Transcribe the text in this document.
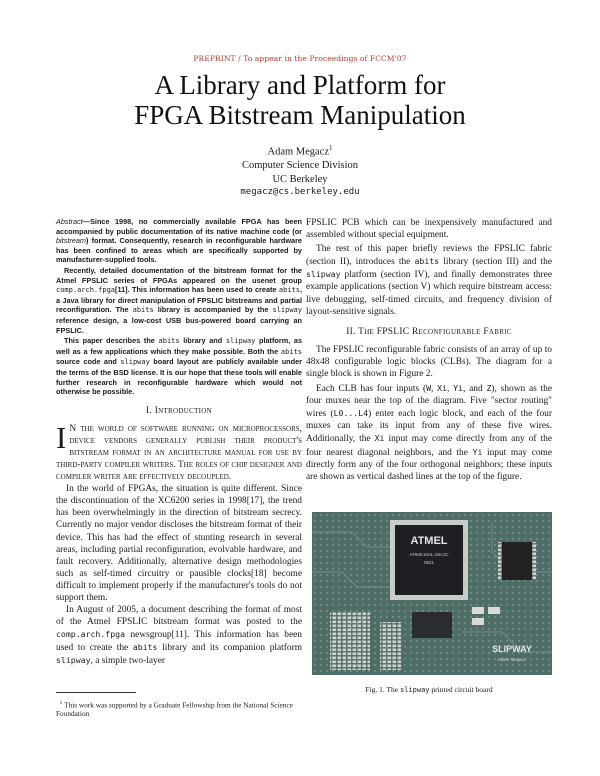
PREPRINT / To appear in the Proceedings of FCCM'07
A Library and Platform for
FPGA Bitstream Manipulation
Adam Megacz$^1$
Computer Science Division
UC Berkeley
megacz@cs.berkeley.edu

Abstract—Since 1998, no commercially available FPGA has been accompanied by public documentation of its native machine code (or bitstream) format. Consequently, research in reconfigurable hardware has been confined to areas which are specifically supported by manufacturer-supplied tools.

Recently, detailed documentation of the bitstream format for the Atmel FPSLIC series of FPGAs appeared on the usenet group comp.arch.fpga[11]. This information has been used to create abits, a Java library for direct manipulation of FPSLIC bitstreams and partial reconfiguration. The abits library is accompanied by the slipway reference design, a low-cost USB bus-powered board carrying an FPSLIC.

This paper describes the abits library and slipway platform, as well as a few applications which they make possible. Both the abits source code and slipway board layout are publicly available under the terms of the BSD license. It is our hope that these tools will enable further research in reconfigurable hardware which would not otherwise be possible.

I. Introduction

I N the world of software running on microprocessors, device vendors generally publish their product's bitstream format in an architecture manual for use by third-party compiler writers. The roles of chip designer and compiler writer are effectively decoupled.

In the world of FPGAs, the situation is quite different. Since the discontinuation of the XC6200 series in 1998[17], the trend has been overwhelmingly in the direction of bitstream secrecy. Currently no major vendor discloses the bitstream format of their device. This has had the effect of stunting research in several areas, including partial reconfiguration, evolvable hardware, and fault recovery. Additionally, alternative design methodologies such as self-timed circuitry or pausible clocks[18] become difficult to implement properly if the manufacturer's tools do not support them.

In August of 2005, a document describing the format of most of the Atmel FPSLIC bitstream format was posted to the comp.arch.fpga newsgroup[11]. This information has been used to create the abits library and its companion platform slipway, a simple two-layer

$^1$ This work was supported by a Graduate Fellowship from the National Science Foundation

FPSLIC PCB which can be inexpensively manufactured and assembled without special equipment.

The rest of this paper briefly reviews the FPSLIC fabric (section II), introduces the abits library (section III) and the slipway platform (section IV), and finally demonstrates three example applications (section V) which require bitstream access: live debugging, self-timed circuits, and frequency division of layout-sensitive signals.

II. The FPSLIC Reconfigurable Fabric

The FPSLIC reconfigurable fabric consists of an array of up to 48x48 configurable logic blocks (CLBs). The diagram for a single block is shown in Figure 2.

Each CLB has four inputs (W, Xi, Yi, and Z), shown as the four muxes near the top of the diagram. Five "sector routing" wires (L0...L4) enter each logic block, and each of the four muxes can take its input from any of these five wires. Additionally, the Xi input may come directly from any of the four nearest diagonal neighbors, and the Yi input may come directly form any of the four orthogonal neighbors; these inputs are shown as vertical dashed lines at the top of the figure.

ATMEL
AT94K10AL-25AJC
0521
SLIPWAY
Adam Megacz
Fig. 1. The slipway printed circuit board
